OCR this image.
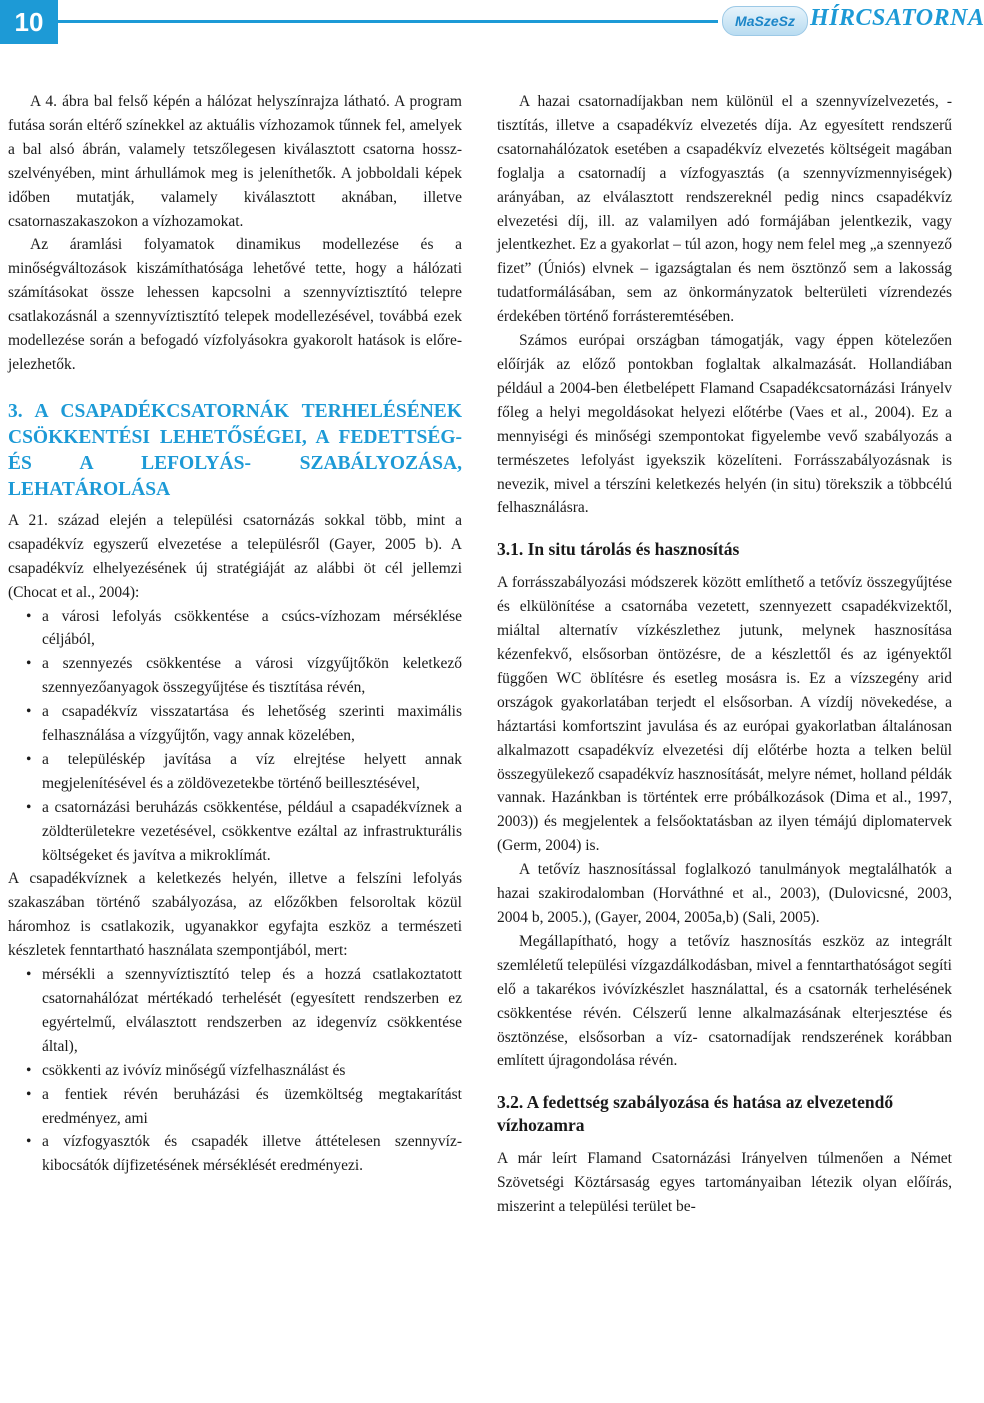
10	MaSzeSz HÍRCSATORNA

A 4. ábra bal felső képén a hálózat helyszínrajza látható. A program futása során eltérő színekkel az aktuális vízhozamok tűnnek fel, amelyek a bal alsó ábrán, valamely tetszőlegesen kiválasztott csatorna hossz-szelvényében, mint árhullámok meg is jeleníthetők. A jobboldali képek időben mutatják, valamely kiválasztott aknában, illetve csatornaszakaszokon a vízhozamokat.

Az áramlási folyamatok dinamikus modellezése és a minőségváltozások kiszámíthatósága lehetővé tette, hogy a hálózati számításokat össze lehessen kapcsolni a szennyvíztisztító telepre csatlakozásnál a szennyvíztisztító telepek modellezésével, továbbá ezek modellezése során a befogadó vízfolyásokra gyakorolt hatások is előre-jelezhetők.

3. A CSAPADÉKCSATORNÁK TERHELÉSÉNEK CSÖKKENTÉSI LEHETŐSÉGEI, A FEDETTSÉG- ÉS A LEFOLYÁS- SZABÁLYOZÁSA, LEHATÁROLÁSA

A 21. század elején a települési csatornázás sokkal több, mint a csapadékvíz egyszerű elvezetése a településről (Gayer, 2005 b). A csapadékvíz elhelyezésének új stratégiáját az alábbi öt cél jellemzi (Chocat et al., 2004):

• a városi lefolyás csökkentése a csúcs-vízhozam mérséklése céljából,
• a szennyezés csökkentése a városi vízgyűjtőkön keletkező szennyezőanyagok összegyűjtése és tisztítása révén,
• a csapadékvíz visszatartása és lehetőség szerinti maximális felhasználása a vízgyűjtőn, vagy annak közelében,
• a településkép javítása a víz elrejtése helyett annak megjelenítésével és a zöldövezetekbe történő beillesztésével,
• a csatornázási beruházás csökkentése, például a csapadékvíznek a zöldterületekre vezetésével, csökkentve ezáltal az infrastrukturális költségeket és javítva a mikroklímát.

A csapadékvíznek a keletkezés helyén, illetve a felszíni lefolyás szakaszában történő szabályozása, az előzőkben felsoroltak közül háromhoz is csatlakozik, ugyanakkor egyfajta eszköz a természeti készletek fenntartható használata szempontjából, mert:

• mérsékli a szennyvíztisztító telep és a hozzá csatlakoztatott csatornahálózat mértékadó terhelését (egyesített rendszerben ez egyértelmű, elválasztott rendszerben az idegenvíz csökkentése által),
• csökkenti az ivóvíz minőségű vízfelhasználást és
• a fentiek révén beruházási és üzemköltség megtakarítást eredményez, ami
• a vízfogyasztók és csapadék illetve áttételesen szennyvíz-kibocsátók díjfizetésének mérséklését eredményezi.

A hazai csatornadíjakban nem különül el a szennyvízelvezetés, -tisztítás, illetve a csapadékvíz elvezetés díja. Az egyesített rendszerű csatornahálózatok esetében a csapadékvíz elvezetés költségeit magában foglalja a csatornadíj a vízfogyasztás (a szennyvízmennyiségek) arányában, az elválasztott rendszereknél pedig nincs csapadékvíz elvezetési díj, ill. az valamilyen adó formájában jelentkezik, vagy jelentkezhet. Ez a gyakorlat – túl azon, hogy nem felel meg „a szennyező fizet” (Úniós) elvnek – igazságtalan és nem ösztönző sem a lakosság tudatformálásában, sem az önkormányzatok belterületi vízrendezés érdekében történő forrásteremtésében.

Számos európai országban támogatják, vagy éppen kötelezően előírják az előző pontokban foglaltak alkalmazását. Hollandiában például a 2004-ben életbelépett Flamand Csapadékcsatornázási Irányelv főleg a helyi megoldásokat helyezi előtérbe (Vaes et al., 2004). Ez a mennyiségi és minőségi szempontokat figyelembe vevő szabályozás a természetes lefolyást igyekszik közelíteni. Forrásszabályozásnak is nevezik, mivel a térszíni keletkezés helyén (in situ) törekszik a többcélú felhasználásra.

3.1. In situ tárolás és hasznosítás

A forrásszabályozási módszerek között említhető a tetővíz összegyűjtése és elkülönítése a csatornába vezetett, szennyezett csapadékvizektől, miáltal alternatív vízkészlethez jutunk, melynek hasznosítása kézenfekvő, elsősorban öntözésre, de a készlettől és az igényektől függően WC öblítésre és esetleg mosásra is. Ez a vízszegény arid országok gyakorlatában terjedt el elsősorban. A vízdíj növekedése, a háztartási komfortszint javulása és az európai gyakorlatban általánosan alkalmazott csapadékvíz elvezetési díj előtérbe hozta a telken belül összegyülekező csapadékvíz hasznosítását, melyre német, holland példák vannak. Hazánkban is történtek erre próbálkozások (Dima et al., 1997, 2003)) és megjelentek a felsőoktatásban az ilyen témájú diplomatervek (Germ, 2004) is.

A tetővíz hasznosítással foglalkozó tanulmányok megtalálhatók a hazai szakirodalomban (Horváthné et al., 2003), (Dulovicsné, 2003, 2004 b, 2005.), (Gayer, 2004, 2005a,b) (Sali, 2005).

Megállapítható, hogy a tetővíz hasznosítás eszköz az integrált szemléletű települési vízgazdálkodásban, mivel a fenntarthatóságot segíti elő a takarékos ivóvízkészlet használattal, és a csatornák terhelésének csökkentése révén. Célszerű lenne alkalmazásának elterjesztése és ösztönzése, elsősorban a víz- csatornadíjak rendszerének korábban említett újragondolása révén.

3.2. A fedettség szabályozása és hatása az elvezetendő vízhozamra

A már leírt Flamand Csatornázási Irányelven túlmenően a Német Szövetségi Köztársaság egyes tartományaiban létezik olyan előírás, miszerint a települési terület be-
